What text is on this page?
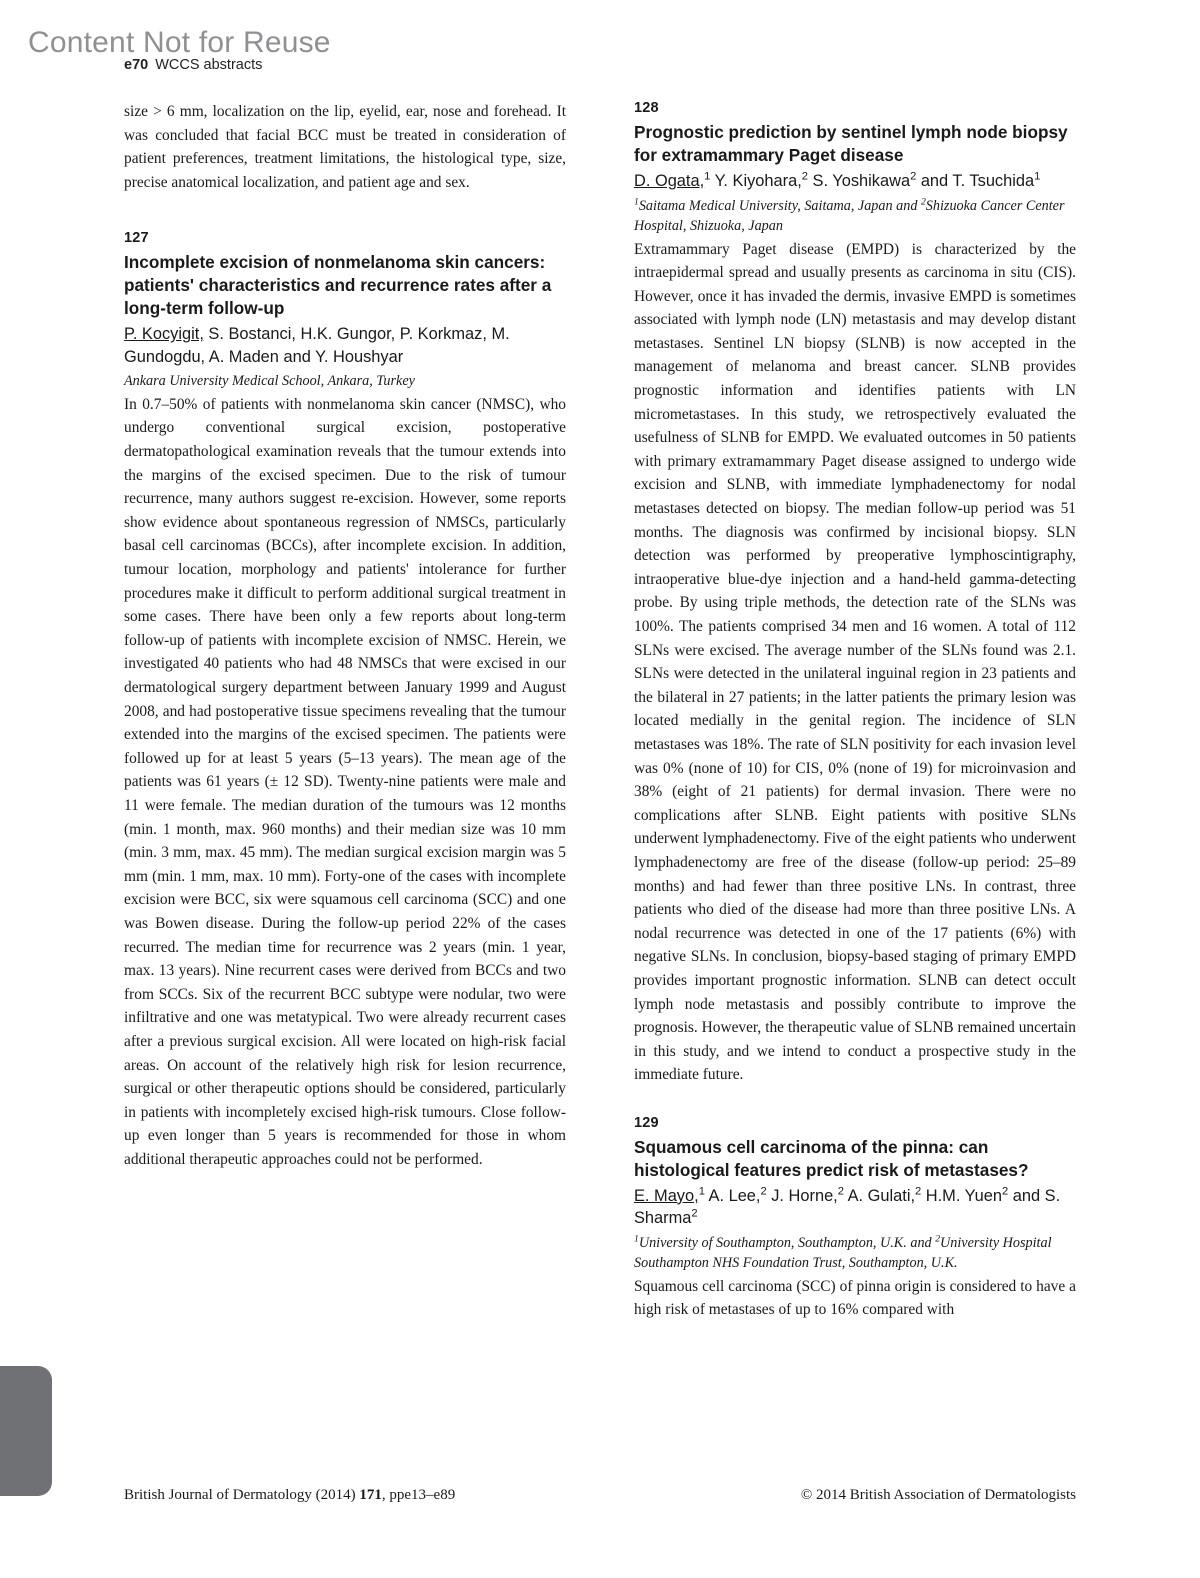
Content Not for Reuse
e70 WCCS abstracts

size > 6 mm, localization on the lip, eyelid, ear, nose and forehead. It was concluded that facial BCC must be treated in consideration of patient preferences, treatment limitations, the histological type, size, precise anatomical localization, and patient age and sex.

127
Incomplete excision of nonmelanoma skin cancers: patients' characteristics and recurrence rates after a long-term follow-up
P. Kocyigit, S. Bostanci, H.K. Gungor, P. Korkmaz, M. Gundogdu, A. Maden and Y. Houshyar
Ankara University Medical School, Ankara, Turkey

In 0.7–50% of patients with nonmelanoma skin cancer (NMSC), who undergo conventional surgical excision, postoperative dermatopathological examination reveals that the tumour extends into the margins of the excised specimen. Due to the risk of tumour recurrence, many authors suggest re-excision. However, some reports show evidence about spontaneous regression of NMSCs, particularly basal cell carcinomas (BCCs), after incomplete excision. In addition, tumour location, morphology and patients' intolerance for further procedures make it difficult to perform additional surgical treatment in some cases. There have been only a few reports about long-term follow-up of patients with incomplete excision of NMSC. Herein, we investigated 40 patients who had 48 NMSCs that were excised in our dermatological surgery department between January 1999 and August 2008, and had postoperative tissue specimens revealing that the tumour extended into the margins of the excised specimen. The patients were followed up for at least 5 years (5–13 years). The mean age of the patients was 61 years (± 12 SD). Twenty-nine patients were male and 11 were female. The median duration of the tumours was 12 months (min. 1 month, max. 960 months) and their median size was 10 mm (min. 3 mm, max. 45 mm). The median surgical excision margin was 5 mm (min. 1 mm, max. 10 mm). Forty-one of the cases with incomplete excision were BCC, six were squamous cell carcinoma (SCC) and one was Bowen disease. During the follow-up period 22% of the cases recurred. The median time for recurrence was 2 years (min. 1 year, max. 13 years). Nine recurrent cases were derived from BCCs and two from SCCs. Six of the recurrent BCC subtype were nodular, two were infiltrative and one was metatypical. Two were already recurrent cases after a previous surgical excision. All were located on high-risk facial areas. On account of the relatively high risk for lesion recurrence, surgical or other therapeutic options should be considered, particularly in patients with incompletely excised high-risk tumours. Close follow-up even longer than 5 years is recommended for those in whom additional therapeutic approaches could not be performed.

128
Prognostic prediction by sentinel lymph node biopsy for extramammary Paget disease
D. Ogata,$^1$ Y. Kiyohara,$^2$ S. Yoshikawa$^2$ and T. Tsuchida$^1$
$^1$Saitama Medical University, Saitama, Japan and $^2$Shizuoka Cancer Center Hospital, Shizuoka, Japan

Extramammary Paget disease (EMPD) is characterized by the intraepidermal spread and usually presents as carcinoma in situ (CIS). However, once it has invaded the dermis, invasive EMPD is sometimes associated with lymph node (LN) metastasis and may develop distant metastases. Sentinel LN biopsy (SLNB) is now accepted in the management of melanoma and breast cancer. SLNB provides prognostic information and identifies patients with LN micrometastases. In this study, we retrospectively evaluated the usefulness of SLNB for EMPD. We evaluated outcomes in 50 patients with primary extramammary Paget disease assigned to undergo wide excision and SLNB, with immediate lymphadenectomy for nodal metastases detected on biopsy. The median follow-up period was 51 months. The diagnosis was confirmed by incisional biopsy. SLN detection was performed by preoperative lymphoscintigraphy, intraoperative blue-dye injection and a hand-held gamma-detecting probe. By using triple methods, the detection rate of the SLNs was 100%. The patients comprised 34 men and 16 women. A total of 112 SLNs were excised. The average number of the SLNs found was 2.1. SLNs were detected in the unilateral inguinal region in 23 patients and the bilateral in 27 patients; in the latter patients the primary lesion was located medially in the genital region. The incidence of SLN metastases was 18%. The rate of SLN positivity for each invasion level was 0% (none of 10) for CIS, 0% (none of 19) for microinvasion and 38% (eight of 21 patients) for dermal invasion. There were no complications after SLNB. Eight patients with positive SLNs underwent lymphadenectomy. Five of the eight patients who underwent lymphadenectomy are free of the disease (follow-up period: 25–89 months) and had fewer than three positive LNs. In contrast, three patients who died of the disease had more than three positive LNs. A nodal recurrence was detected in one of the 17 patients (6%) with negative SLNs. In conclusion, biopsy-based staging of primary EMPD provides important prognostic information. SLNB can detect occult lymph node metastasis and possibly contribute to improve the prognosis. However, the therapeutic value of SLNB remained uncertain in this study, and we intend to conduct a prospective study in the immediate future.

129
Squamous cell carcinoma of the pinna: can histological features predict risk of metastases?
E. Mayo,$^1$ A. Lee,$^2$ J. Horne,$^2$ A. Gulati,$^2$ H.M. Yuen$^2$ and S. Sharma$^2$
$^1$University of Southampton, Southampton, U.K. and $^2$University Hospital Southampton NHS Foundation Trust, Southampton, U.K.

Squamous cell carcinoma (SCC) of pinna origin is considered to have a high risk of metastases of up to 16% compared with

British Journal of Dermatology (2014) 171, ppe13–e89	© 2014 British Association of Dermatologists
